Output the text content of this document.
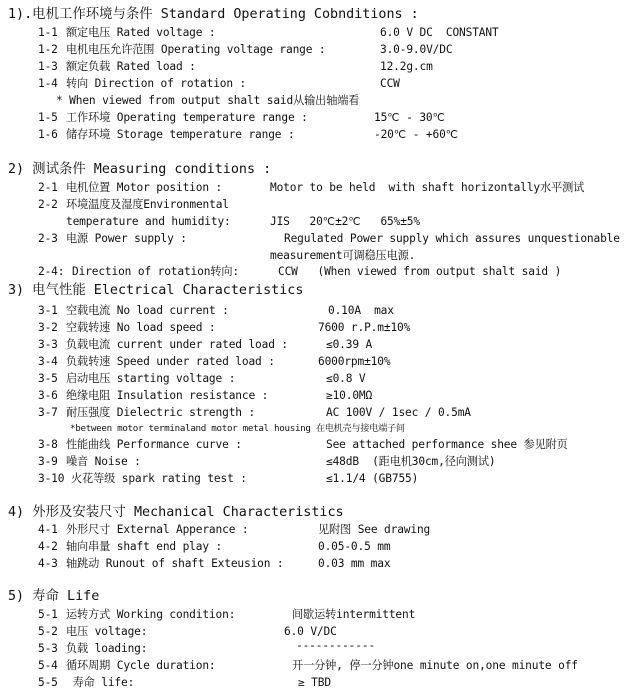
1).电机工作环境与条件 Standard Operating Cobnditions :
1-1 额定电压 Rated voltage :	6.0 V DC  CONSTANT
1-2 电机电压允许范围 Operating voltage range :	3.0-9.0V/DC
1-3 额定负载 Rated load :	12.2g.cm
1-4 转向 Direction of rotation :	CCW
* When viewed from output shalt said从输出轴端看
1-5 工作环境 Operating temperature range :	15℃ - 30℃
1-6 储存环境 Storage temperature range :	-20℃ - +60℃
2) 测试条件 Measuring conditions :
2-1 电机位置 Motor position :	Motor to be held  with shaft horizontally水平测试
2-2 环境温度及湿度Environmental
temperature and humidity:	JIS   20℃±2℃   65%±5%
2-3 电源 Power supply :	Regulated Power supply which assures unquestionable
measurement可调稳压电源.
2-4: Direction of rotation转向:	CCW   (When viewed from output shalt said )
3) 电气性能 Electrical Characteristics
3-1 空载电流 No load current :	0.10A  max
3-2 空载转速 No load speed :	7600 r.P.m±10%
3-3 负载电流 current under rated load :	≤0.39 A
3-4 负载转速 Speed under rated load :	6000rpm±10%
3-5 启动电压 starting voltage :	≤0.8 V
3-6 绝缘电阻 Insulation resistance :	≥10.0MΩ
3-7 耐压强度 Dielectric strength :	AC 100V / 1sec / 0.5mA
*between motor terminaland motor metal housing 在电机壳与接电端子间
3-8 性能曲线 Performance curve :	See attached performance shee 参见附页
3-9 噪音 Noise :	≤48dB  (距电机30cm,径向测试)
3-10 火花等级 spark rating test :	≤1.1/4 (GB755)
4) 外形及安装尺寸 Mechanical Characteristics
4-1 外形尺寸 External Apperance :	见附图 See drawing
4-2 轴向串量 shaft end play :	0.05-0.5 mm
4-3 轴跳动 Runout of shaft Exteusion :	0.03 mm max
5) 寿命 Life
5-1 运转方式 Working condition:	间歇运转intermittent
5-2 电压 voltage:	6.0 V/DC
5-3 负载 loading:	------------
5-4 循环周期 Cycle duration:	开一分钟, 停一分钟one minute on,one minute off
5-5 寿命 life:	≥ TBD
